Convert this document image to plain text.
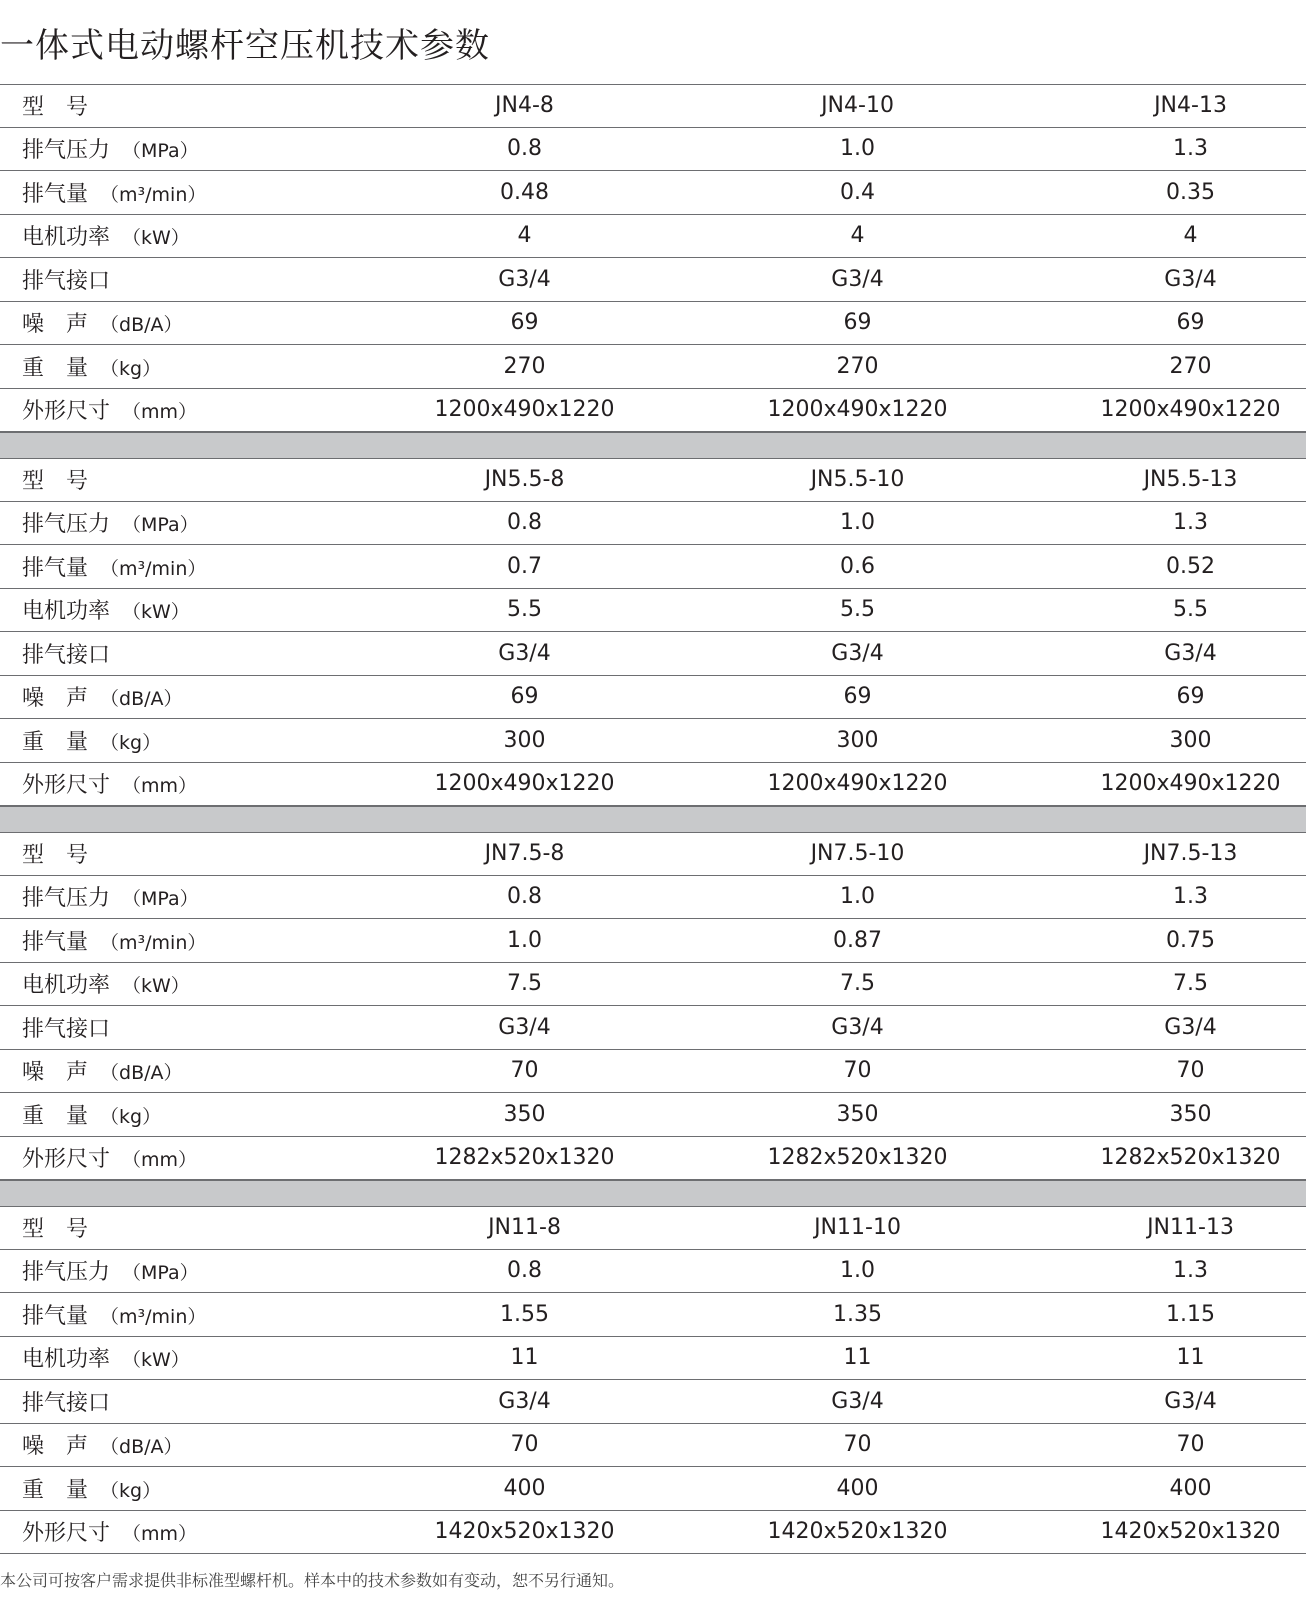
一体式电动螺杆空压机技术参数
型　号	JN4-8	JN4-10	JN4-13
排气压力 （MPa）	0.8	1.0	1.3
排气量 （m³/min）	0.48	0.4	0.35
电机功率 （kW）	4	4	4
排气接口	G3/4	G3/4	G3/4
噪　声 （dB/A）	69	69	69
重　量 （kg）	270	270	270
外形尺寸 （mm）	1200x490x1220	1200x490x1220	1200x490x1220
型　号	JN5.5-8	JN5.5-10	JN5.5-13
排气压力 （MPa）	0.8	1.0	1.3
排气量 （m³/min）	0.7	0.6	0.52
电机功率 （kW）	5.5	5.5	5.5
排气接口	G3/4	G3/4	G3/4
噪　声 （dB/A）	69	69	69
重　量 （kg）	300	300	300
外形尺寸 （mm）	1200x490x1220	1200x490x1220	1200x490x1220
型　号	JN7.5-8	JN7.5-10	JN7.5-13
排气压力 （MPa）	0.8	1.0	1.3
排气量 （m³/min）	1.0	0.87	0.75
电机功率 （kW）	7.5	7.5	7.5
排气接口	G3/4	G3/4	G3/4
噪　声 （dB/A）	70	70	70
重　量 （kg）	350	350	350
外形尺寸 （mm）	1282x520x1320	1282x520x1320	1282x520x1320
型　号	JN11-8	JN11-10	JN11-13
排气压力 （MPa）	0.8	1.0	1.3
排气量 （m³/min）	1.55	1.35	1.15
电机功率 （kW）	11	11	11
排气接口	G3/4	G3/4	G3/4
噪　声 （dB/A）	70	70	70
重　量 （kg）	400	400	400
外形尺寸 （mm）	1420x520x1320	1420x520x1320	1420x520x1320
本公司可按客户需求提供非标准型螺杆机。样本中的技术参数如有变动，恕不另行通知。
